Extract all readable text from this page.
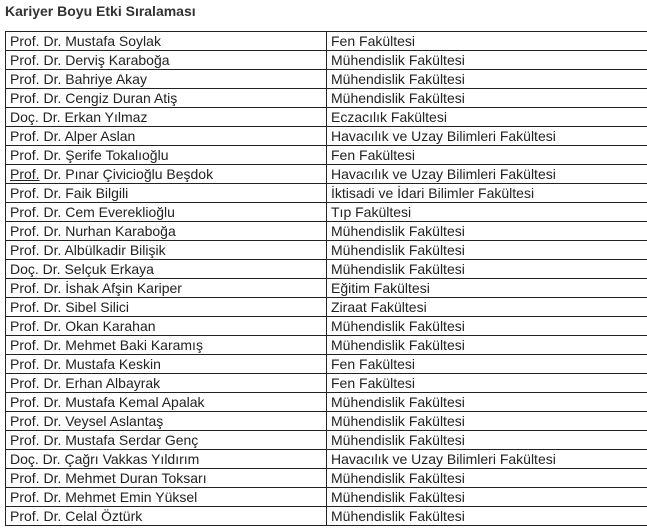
Kariyer Boyu Etki Sıralaması
Prof. Dr. Mustafa Soylak	Fen Fakültesi
Prof. Dr. Derviş Karaboğa	Mühendislik Fakültesi
Prof. Dr. Bahriye Akay	Mühendislik Fakültesi
Prof. Dr. Cengiz Duran Atiş	Mühendislik Fakültesi
Doç. Dr. Erkan Yılmaz	Eczacılık Fakültesi
Prof. Dr. Alper Aslan	Havacılık ve Uzay Bilimleri Fakültesi
Prof. Dr. Şerife Tokalıoğlu	Fen Fakültesi
Prof. Dr. Pınar Çivicioğlu Beşdok	Havacılık ve Uzay Bilimleri Fakültesi
Prof. Dr. Faik Bilgili	İktisadi ve İdari Bilimler Fakültesi
Prof. Dr. Cem Evereklioğlu	Tıp Fakültesi
Prof. Dr. Nurhan Karaboğa	Mühendislik Fakültesi
Prof. Dr. Albülkadir Bilişik	Mühendislik Fakültesi
Doç. Dr. Selçuk Erkaya	Mühendislik Fakültesi
Prof. Dr. İshak Afşin Kariper	Eğitim Fakültesi
Prof. Dr. Sibel Silici	Ziraat Fakültesi
Prof. Dr. Okan Karahan	Mühendislik Fakültesi
Prof. Dr. Mehmet Baki Karamış	Mühendislik Fakültesi
Prof. Dr. Mustafa Keskin	Fen Fakültesi
Prof. Dr. Erhan Albayrak	Fen Fakültesi
Prof. Dr. Mustafa Kemal Apalak	Mühendislik Fakültesi
Prof. Dr. Veysel Aslantaş	Mühendislik Fakültesi
Prof. Dr. Mustafa Serdar Genç	Mühendislik Fakültesi
Doç. Dr. Çağrı Vakkas Yıldırım	Havacılık ve Uzay Bilimleri Fakültesi
Prof. Dr. Mehmet Duran Toksarı	Mühendislik Fakültesi
Prof. Dr. Mehmet Emin Yüksel	Mühendislik Fakültesi
Prof. Dr. Celal Öztürk	Mühendislik Fakültesi
